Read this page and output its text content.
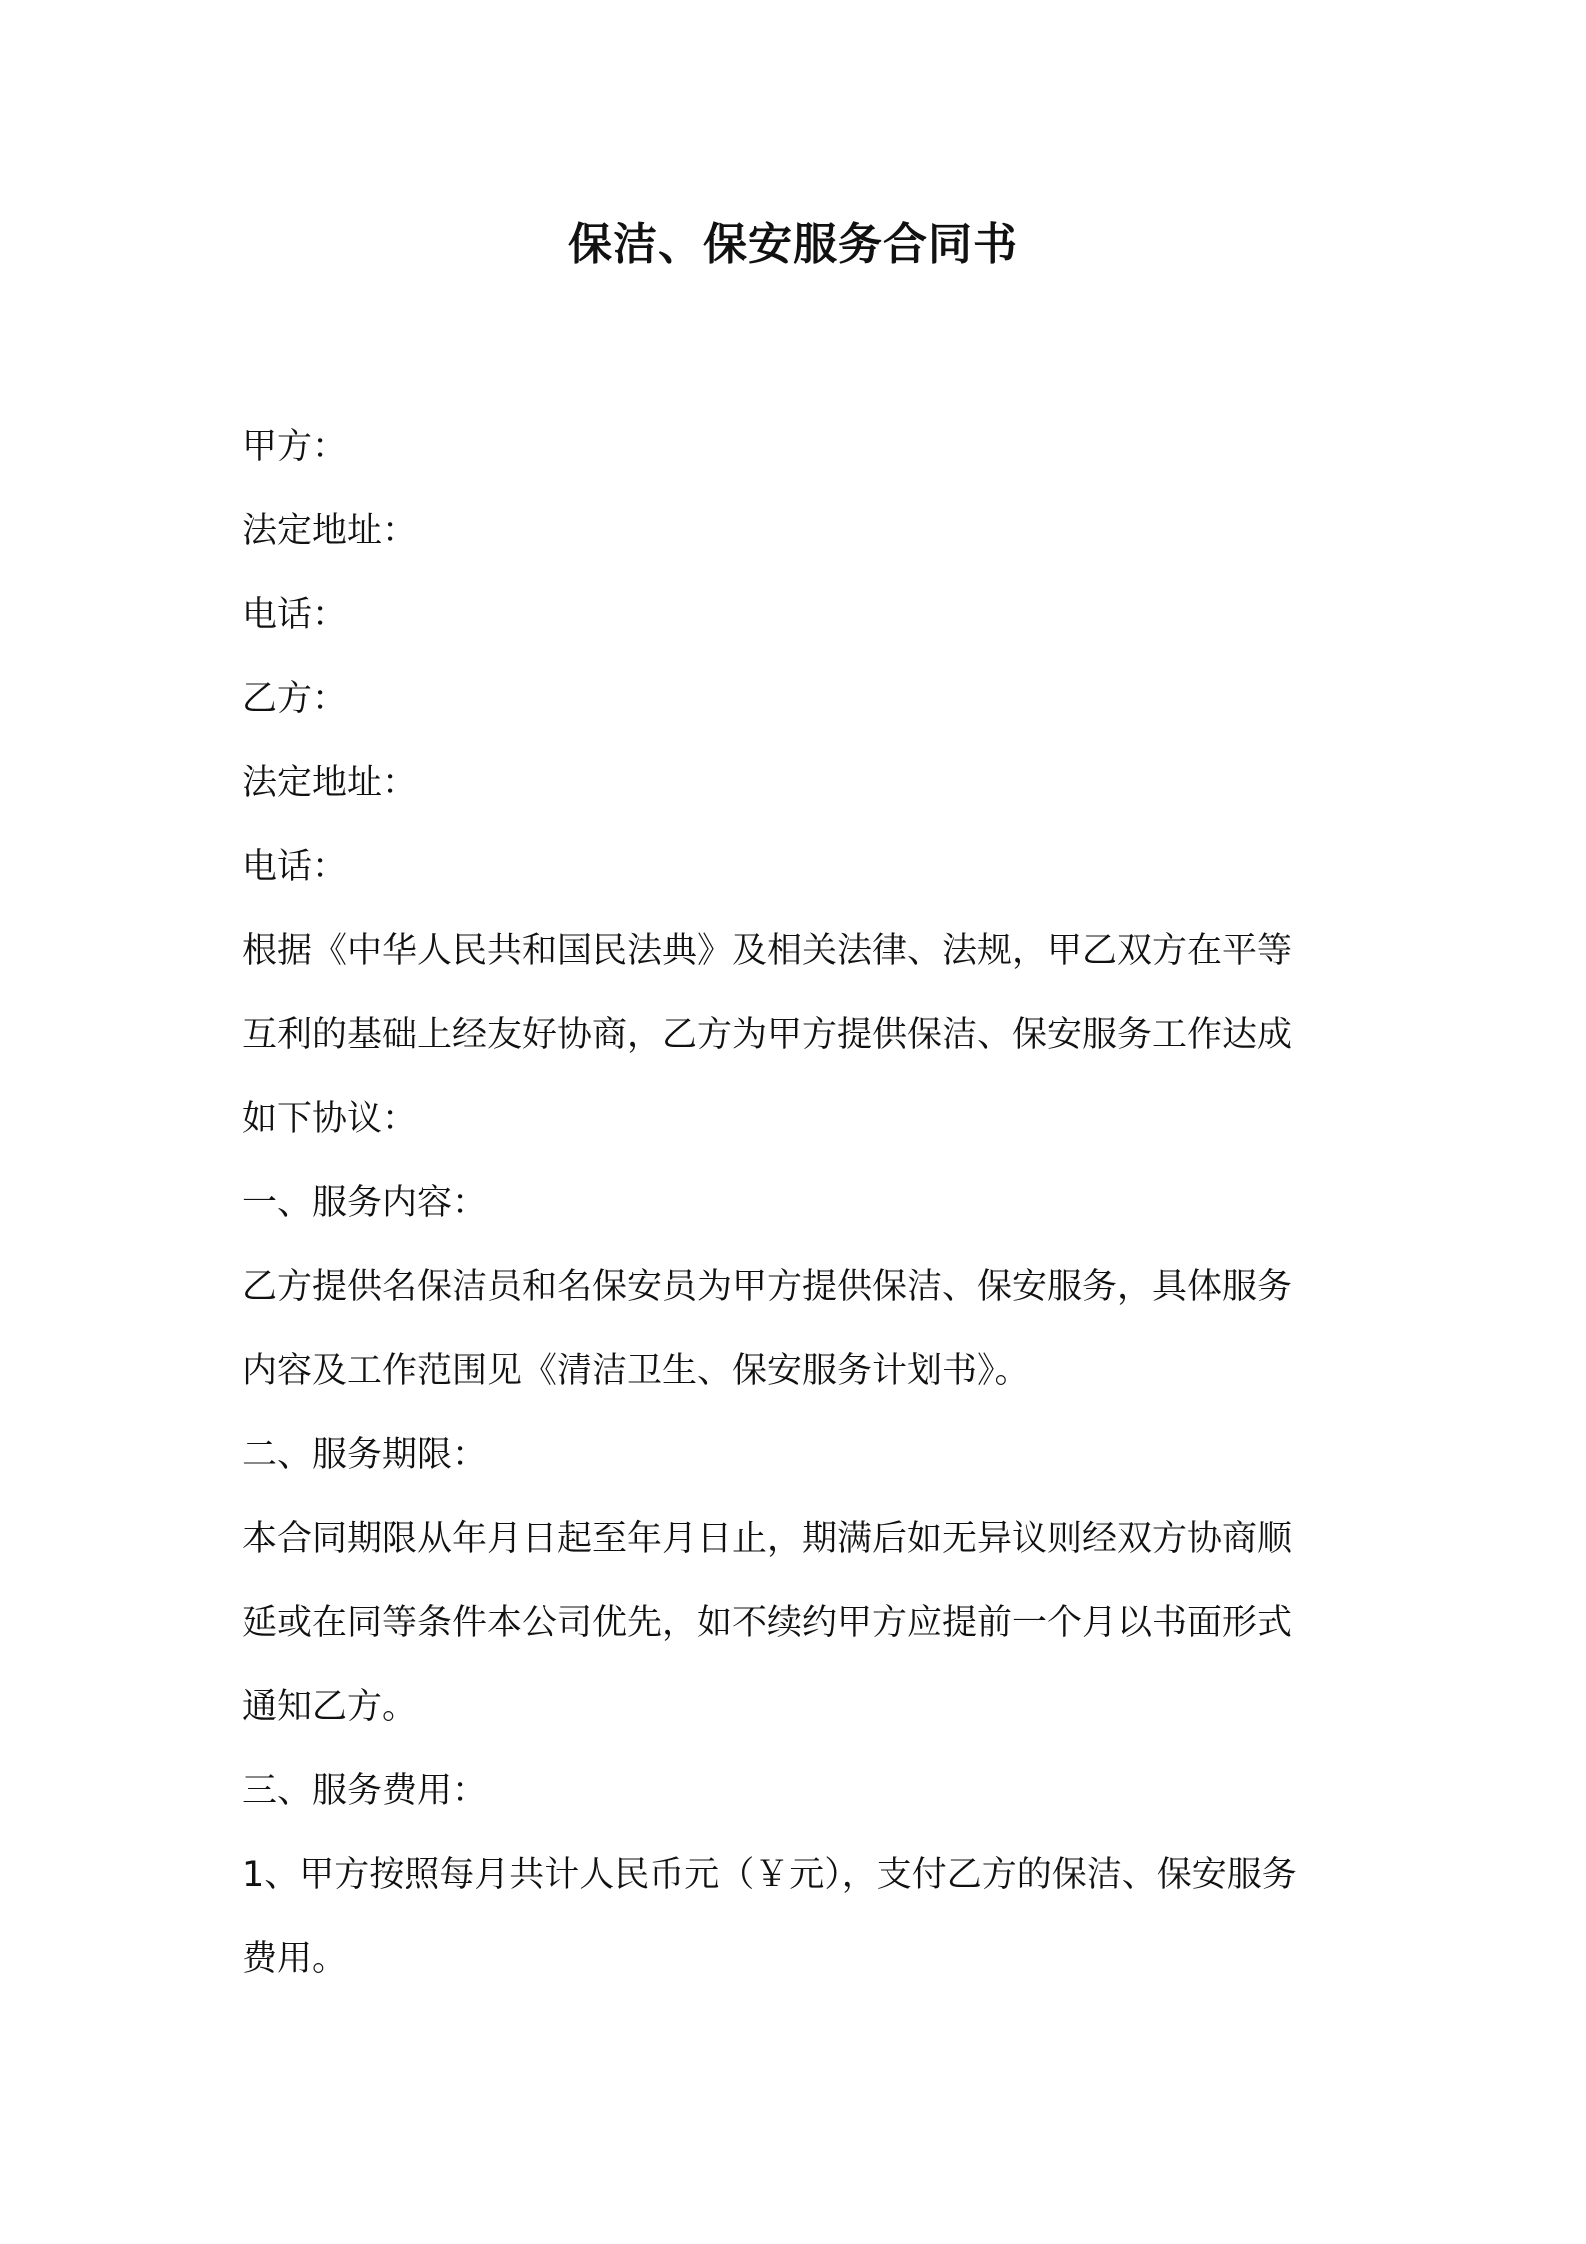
保洁、保安服务合同书
甲方：
法定地址：
电话：
乙方：
法定地址：
电话：
根据《中华人民共和国民法典》及相关法律、法规，甲乙双方在平等
互利的基础上经友好协商，乙方为甲方提供保洁、保安服务工作达成
如下协议：
一、服务内容：
乙方提供名保洁员和名保安员为甲方提供保洁、保安服务，具体服务
内容及工作范围见《清洁卫生、保安服务计划书》。
二、服务期限：
本合同期限从年月日起至年月日止，期满后如无异议则经双方协商顺
延或在同等条件本公司优先，如不续约甲方应提前一个月以书面形式
通知乙方。
三、服务费用：
1、甲方按照每月共计人民币元（￥元），支付乙方的保洁、保安服务
费用。
